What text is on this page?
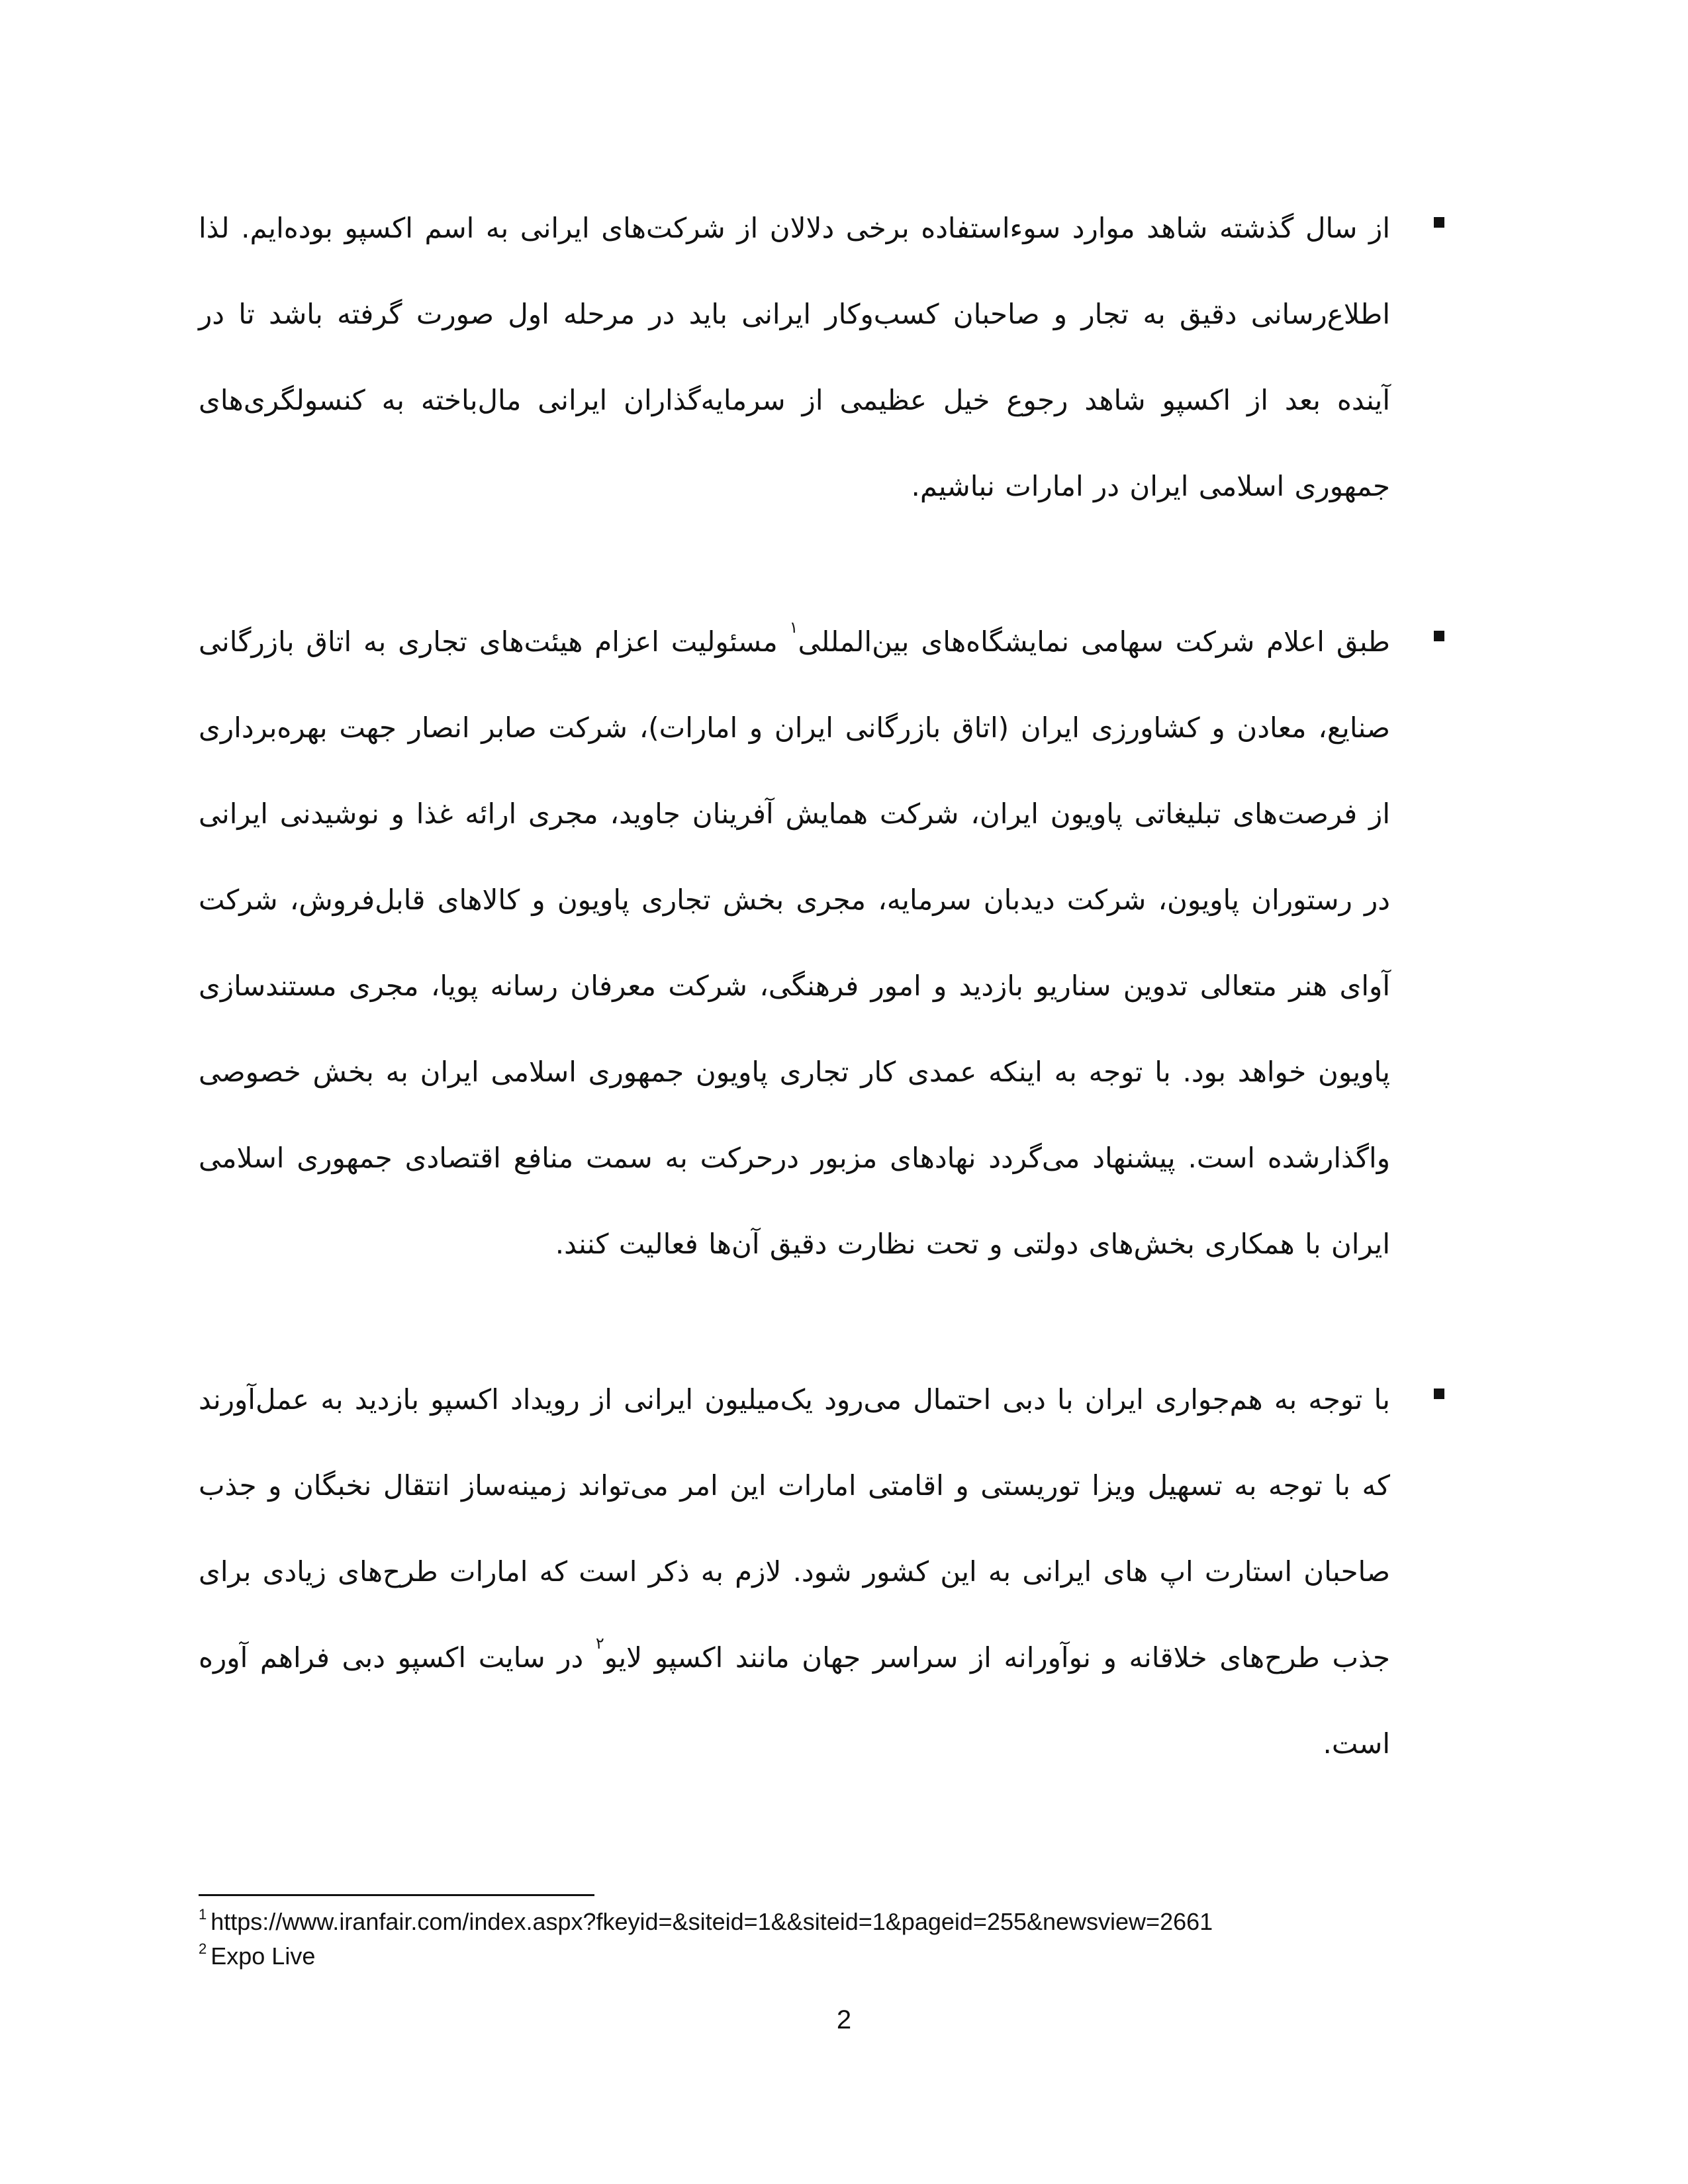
از سال گذشته شاهد موارد سوءاستفاده برخی دلالان از شرکت‌های ایرانی به اسم اکسپو بوده‌ایم. لذا اطلاع‌رسانی دقیق به تجار و صاحبان کسب‌وکار ایرانی باید در مرحله اول صورت گرفته باشد تا در آینده بعد از اکسپو شاهد رجوع خیل عظیمی از سرمایه‌گذاران ایرانی مال‌باخته به کنسولگری‌های جمهوری اسلامی ایران در امارات نباشیم.

طبق اعلام شرکت سهامی نمایشگاه‌های بین‌المللی$^۱$ مسئولیت اعزام هیئت‌های تجاری به اتاق بازرگانی صنایع، معادن و کشاورزی ایران (اتاق بازرگانی ایران و امارات)، شرکت صابر انصار جهت بهره‌برداری از فرصت‌های تبلیغاتی پاویون ایران، شرکت همایش آفرینان جاوید، مجری ارائه غذا و نوشیدنی ایرانی در رستوران پاویون، شرکت دیدبان سرمایه، مجری بخش تجاری پاویون و کالاهای قابل‌فروش، شرکت آوای هنر متعالی تدوین سناریو بازدید و امور فرهنگی، شرکت معرفان رسانه پویا، مجری مستندسازی پاویون خواهد بود. با توجه به اینکه عمدی کار تجاری پاویون جمهوری اسلامی ایران به بخش خصوصی واگذارشده است. پیشنهاد می‌گردد نهادهای مزبور درحرکت به سمت منافع اقتصادی جمهوری اسلامی ایران با همکاری بخش‌های دولتی و تحت نظارت دقیق آن‌ها فعالیت کنند.

با توجه به هم‌جواری ایران با دبی احتمال می‌رود یک‌میلیون ایرانی از رویداد اکسپو بازدید به عمل‌آورند که با توجه به تسهیل ویزا توریستی و اقامتی امارات این امر می‌تواند زمینه‌ساز انتقال نخبگان و جذب صاحبان استارت اپ های ایرانی به این کشور شود. لازم به ذکر است که امارات طرح‌های زیادی برای جذب طرح‌های خلاقانه و نوآورانه از سراسر جهان مانند اکسپو لایو$^۲$ در سایت اکسپو دبی فراهم آوره است.

$^1$ https://www.iranfair.com/index.aspx?fkeyid=&siteid=1&&siteid=1&pageid=255&newsview=2661

$^2$ Expo Live

2
